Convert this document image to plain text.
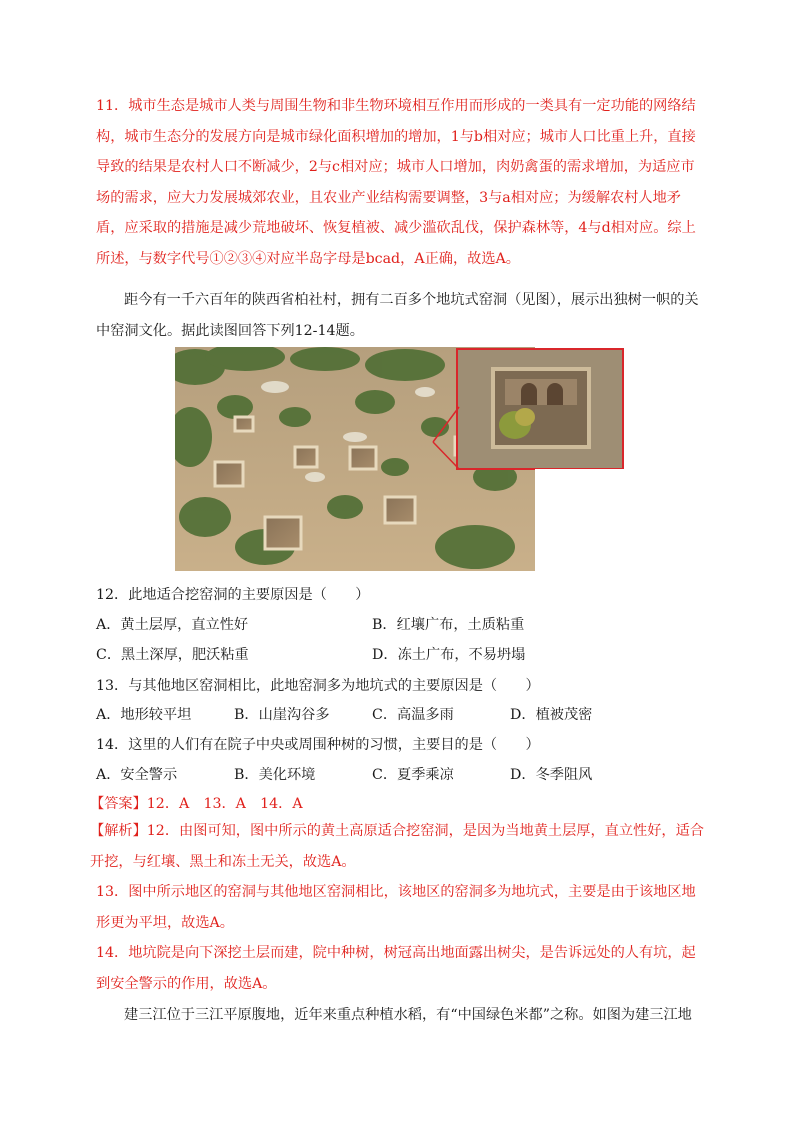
11．城市生态是城市人类与周围生物和非生物环境相互作用而形成的一类具有一定功能的网络结构，城市生态分的发展方向是城市绿化面积增加的增加，1与b相对应；城市人口比重上升，直接导致的结果是农村人口不断减少，2与c相对应；城市人口增加，肉奶禽蛋的需求增加，为适应市场的需求，应大力发展城郊农业，且农业产业结构需要调整，3与a相对应；为缓解农村人地矛盾，应采取的措施是减少荒地破坏、恢复植被、减少滥砍乱伐，保护森林等，4与d相对应。综上所述，与数字代号①②③④对应半岛字母是bcad，A正确，故选A。

距今有一千六百年的陕西省柏社村，拥有二百多个地坑式窑洞（见图），展示出独树一帜的关中窑洞文化。据此读图回答下列12-14题。

12．此地适合挖窑洞的主要原因是（　　）
A．黄土层厚，直立性好	B．红壤广布，土质粘重
C．黑土深厚，肥沃粘重	D．冻土广布，不易坍塌
13．与其他地区窑洞相比，此地窑洞多为地坑式的主要原因是（　　）
A．地形较平坦	B．山崖沟谷多	C．高温多雨	D．植被茂密
14．这里的人们有在院子中央或周围种树的习惯，主要目的是（　　）
A．安全警示	B．美化环境	C．夏季乘凉	D．冬季阻风
【答案】12．A　13．A　14．A

【解析】12．由图可知，图中所示的黄土高原适合挖窑洞，是因为当地黄土层厚，直立性好，适合开挖，与红壤、黑土和冻土无关，故选A。

13．图中所示地区的窑洞与其他地区窑洞相比，该地区的窑洞多为地坑式，主要是由于该地区地形更为平坦，故选A。

14．地坑院是向下深挖土层而建，院中种树，树冠高出地面露出树尖，是告诉远处的人有坑，起到安全警示的作用，故选A。

建三江位于三江平原腹地，近年来重点种植水稻，有“中国绿色米都”之称。如图为建三江地
